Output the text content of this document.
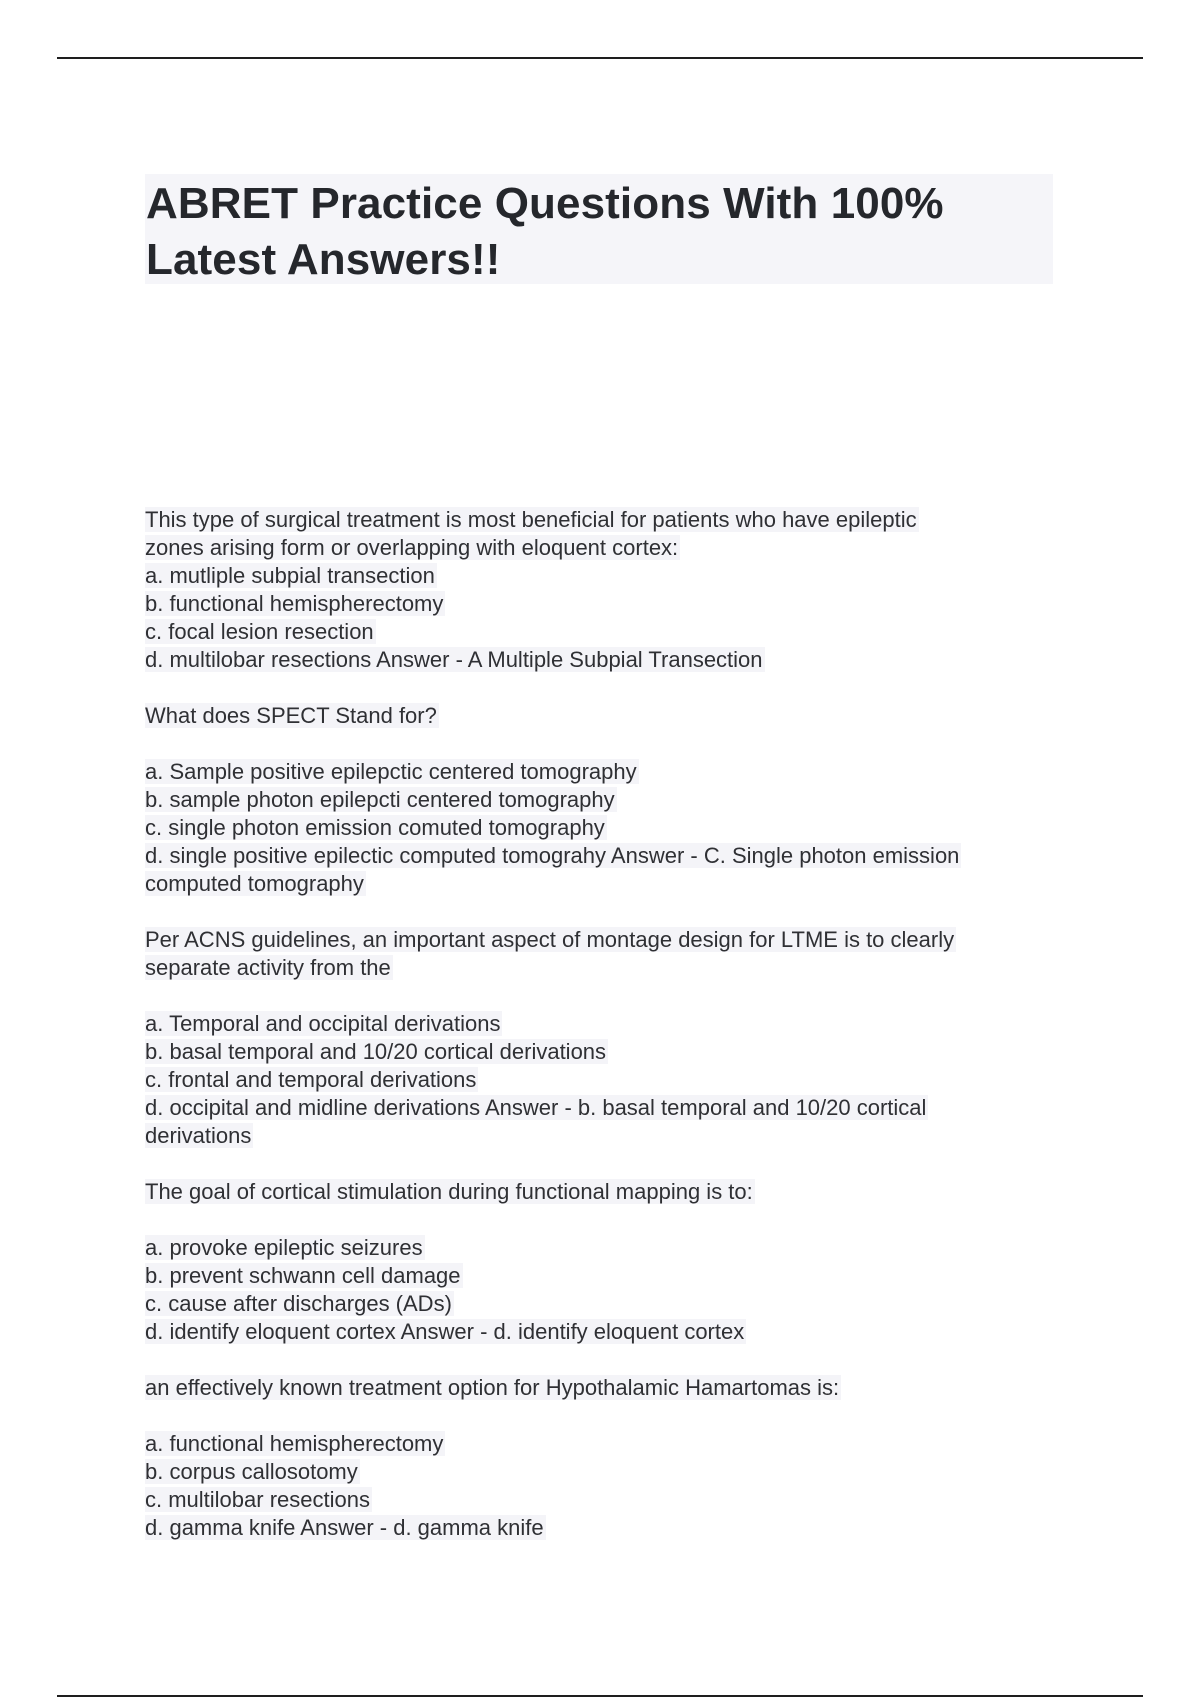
ABRET Practice Questions With 100%
Latest Answers!!
This type of surgical treatment is most beneficial for patients who have epileptic
zones arising form or overlapping with eloquent cortex:
a. mutliple subpial transection
b. functional hemispherectomy
c. focal lesion resection
d. multilobar resections Answer - A Multiple Subpial Transection
What does SPECT Stand for?
a. Sample positive epilepctic centered tomography
b. sample photon epilepcti centered tomography
c. single photon emission comuted tomography
d. single positive epilectic computed tomograhy Answer - C. Single photon emission
computed tomography
Per ACNS guidelines, an important aspect of montage design for LTME is to clearly
separate activity from the
a. Temporal and occipital derivations
b. basal temporal and 10/20 cortical derivations
c. frontal and temporal derivations
d. occipital and midline derivations Answer - b. basal temporal and 10/20 cortical
derivations
The goal of cortical stimulation during functional mapping is to:
a. provoke epileptic seizures
b. prevent schwann cell damage
c. cause after discharges (ADs)
d. identify eloquent cortex Answer - d. identify eloquent cortex
an effectively known treatment option for Hypothalamic Hamartomas is:
a. functional hemispherectomy
b. corpus callosotomy
c. multilobar resections
d. gamma knife Answer - d. gamma knife
